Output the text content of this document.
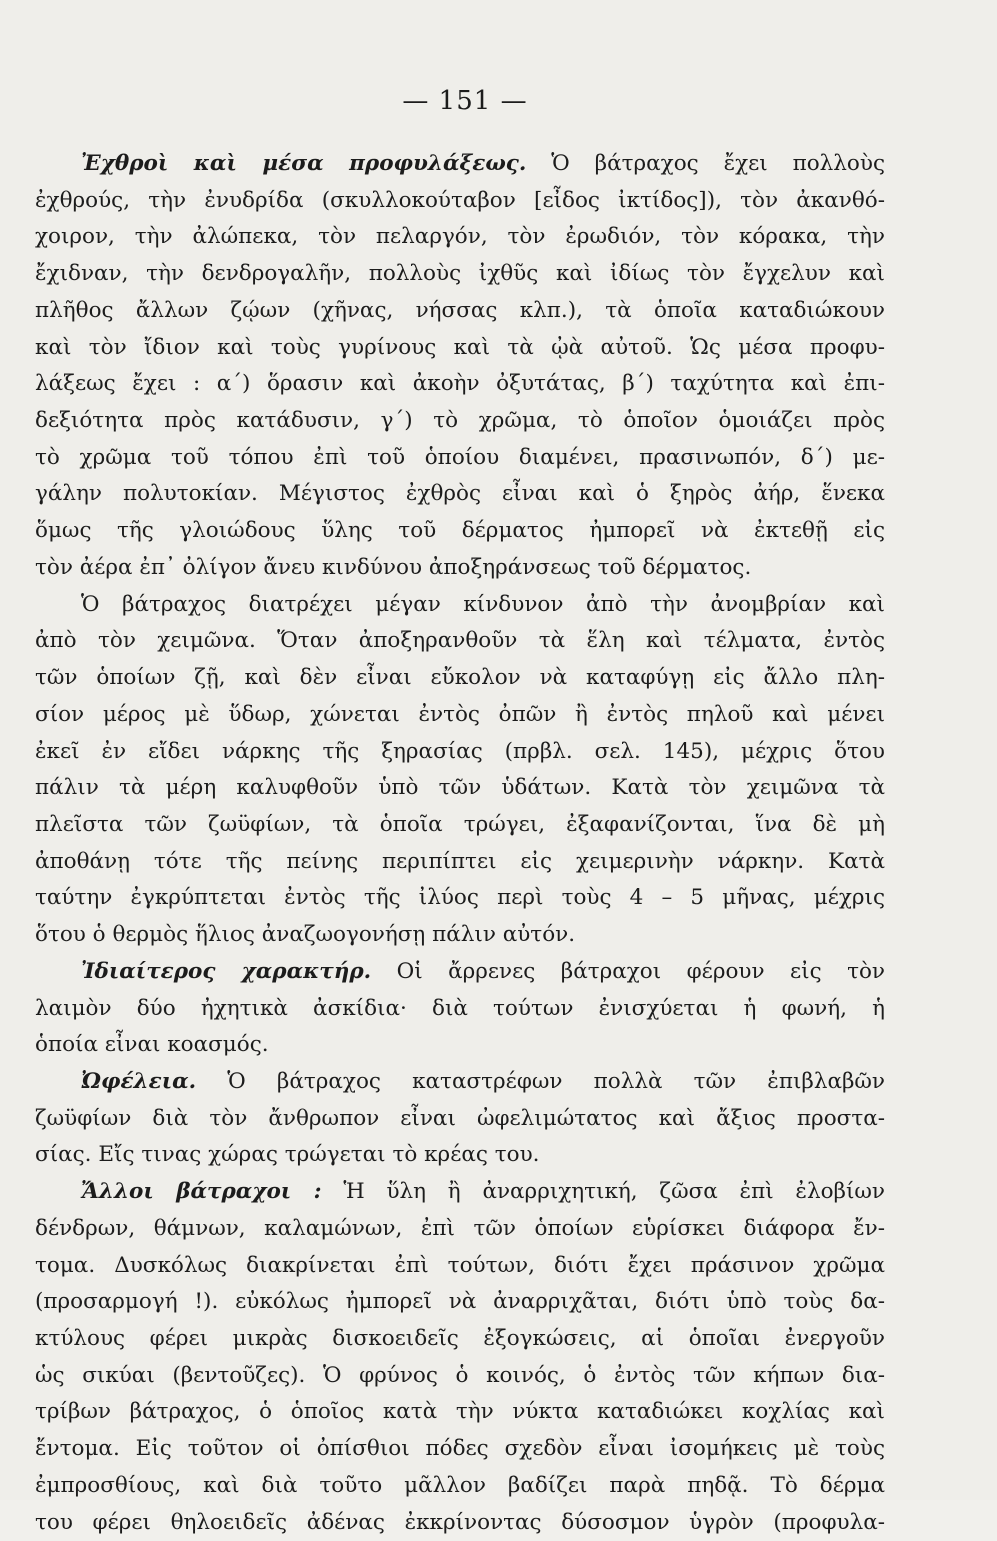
— 151 —
Ἐχθροὶ καὶ μέσα προφυλάξεως. Ὁ βάτραχος ἔχει πολλοὺς
ἐχθρούς, τὴν ἐνυδρίδα (σκυλλοκούταβον [εἶδος ἰκτίδος]), τὸν ἀκανθό-
χοιρον, τὴν ἀλώπεκα, τὸν πελαργόν, τὸν ἐρωδιόν, τὸν κόρακα, τὴν
ἔχιδναν, τὴν δενδρογαλῆν, πολλοὺς ἰχθῦς καὶ ἰδίως τὸν ἔγχελυν καὶ
πλῆθος ἄλλων ζῴων (χῆνας, νήσσας κλπ.), τὰ ὁποῖα καταδιώκουν
καὶ τὸν ἴδιον καὶ τοὺς γυρίνους καὶ τὰ ᾠὰ αὐτοῦ. Ὡς μέσα προφυ-
λάξεως ἔχει : α΄) ὅρασιν καὶ ἀκοὴν ὀξυτάτας, β΄) ταχύτητα καὶ ἐπι-
δεξιότητα πρὸς κατάδυσιν, γ΄) τὸ χρῶμα, τὸ ὁποῖον ὁμοιάζει πρὸς
τὸ χρῶμα τοῦ τόπου ἐπὶ τοῦ ὁποίου διαμένει, πρασινωπόν, δ΄) με-
γάλην πολυτοκίαν. Μέγιστος ἐχθρὸς εἶναι καὶ ὁ ξηρὸς ἀήρ, ἕνεκα
ὅμως τῆς γλοιώδους ὕλης τοῦ δέρματος ἠμπορεῖ νὰ ἐκτεθῇ εἰς
τὸν ἀέρα ἐπ᾽ ὀλίγον ἄνευ κινδύνου ἀποξηράνσεως τοῦ δέρματος.
Ὁ βάτραχος διατρέχει μέγαν κίνδυνον ἀπὸ τὴν ἀνομβρίαν καὶ
ἀπὸ τὸν χειμῶνα. Ὅταν ἀποξηρανθοῦν τὰ ἕλη καὶ τέλματα, ἐντὸς
τῶν ὁποίων ζῇ, καὶ δὲν εἶναι εὔκολον νὰ καταφύγῃ εἰς ἄλλο πλη-
σίον μέρος μὲ ὕδωρ, χώνεται ἐντὸς ὀπῶν ἢ ἐντὸς πηλοῦ καὶ μένει
ἐκεῖ ἐν εἴδει νάρκης τῆς ξηρασίας (πρβλ. σελ. 145), μέχρις ὅτου
πάλιν τὰ μέρη καλυφθοῦν ὑπὸ τῶν ὑδάτων. Κατὰ τὸν χειμῶνα τὰ
πλεῖστα τῶν ζωϋφίων, τὰ ὁποῖα τρώγει, ἐξαφανίζονται, ἵνα δὲ μὴ
ἀποθάνῃ τότε τῆς πείνης περιπίπτει εἰς χειμερινὴν νάρκην. Κατὰ
ταύτην ἐγκρύπτεται ἐντὸς τῆς ἰλύος περὶ τοὺς 4 – 5 μῆνας, μέχρις
ὅτου ὁ θερμὸς ἥλιος ἀναζωογονήσῃ πάλιν αὐτόν.
Ἰδιαίτερος χαρακτήρ. Οἱ ἄρρενες βάτραχοι φέρουν εἰς τὸν
λαιμὸν δύο ἠχητικὰ ἀσκίδια· διὰ τούτων ἐνισχύεται ἡ φωνή, ἡ
ὁποία εἶναι κοασμός.
Ὠφέλεια. Ὁ βάτραχος καταστρέφων πολλὰ τῶν ἐπιβλαβῶν
ζωϋφίων διὰ τὸν ἄνθρωπον εἶναι ὠφελιμώτατος καὶ ἄξιος προστα-
σίας. Εἴς τινας χώρας τρώγεται τὸ κρέας του.
Ἄλλοι βάτραχοι : Ἡ ὕλη ἢ ἀναρριχητική, ζῶσα ἐπὶ ἐλοβίων
δένδρων, θάμνων, καλαμώνων, ἐπὶ τῶν ὁποίων εὑρίσκει διάφορα ἔν-
τομα. Δυσκόλως διακρίνεται ἐπὶ τούτων, διότι ἔχει πράσινον χρῶμα
(προσαρμογή !). εὐκόλως ἠμπορεῖ νὰ ἀναρριχᾶται, διότι ὑπὸ τοὺς δα-
κτύλους φέρει μικρὰς δισκοειδεῖς ἐξογκώσεις, αἱ ὁποῖαι ἐνεργοῦν
ὡς σικύαι (βεντοῦζες). Ὁ φρύνος ὁ κοινός, ὁ ἐντὸς τῶν κήπων δια-
τρίβων βάτραχος, ὁ ὁποῖος κατὰ τὴν νύκτα καταδιώκει κοχλίας καὶ
ἔντομα. Εἰς τοῦτον οἱ ὀπίσθιοι πόδες σχεδὸν εἶναι ἰσομήκεις μὲ τοὺς
ἐμπροσθίους, καὶ διὰ τοῦτο μᾶλλον βαδίζει παρὰ πηδᾷ. Τὸ δέρμα
του φέρει θηλοειδεῖς ἀδένας ἐκκρίνοντας δύσοσμον ὑγρὸν (προφυλα-
